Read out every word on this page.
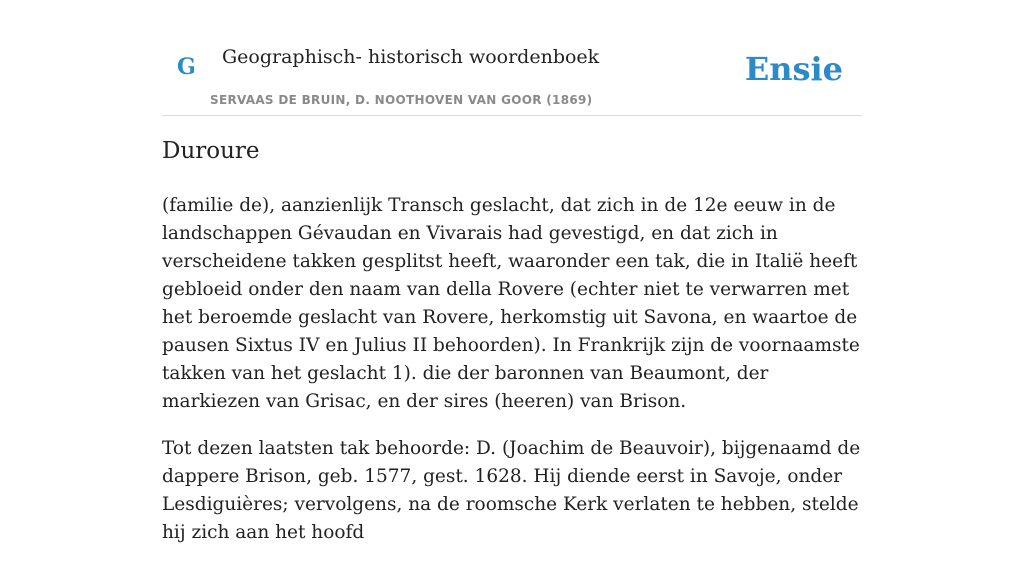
G Geographisch- historisch woordenboek
SERVAAS DE BRUIN, D. NOOTHOVEN VAN GOOR (1869)
Ensie
Duroure

(familie de), aanzienlijk Transch geslacht, dat zich in de 12e eeuw in de landschappen Gévaudan en Vivarais had gevestigd, en dat zich in verscheidene takken gesplitst heeft, waaronder een tak, die in Italië heeft gebloeid onder den naam van della Rovere (echter niet te verwarren met het beroemde geslacht van Rovere, herkomstig uit Savona, en waartoe de pausen Sixtus IV en Julius II behoorden). In Frankrijk zijn de voornaamste takken van het geslacht 1). die der baronnen van Beaumont, der markiezen van Grisac, en der sires (heeren) van Brison.

Tot dezen laatsten tak behoorde: D. (Joachim de Beauvoir), bijgenaamd de dappere Brison, geb. 1577, gest. 1628. Hij diende eerst in Savoje, onder Lesdiguières; vervolgens, na de roomsche Kerk verlaten te hebben, stelde hij zich aan het hoofd
